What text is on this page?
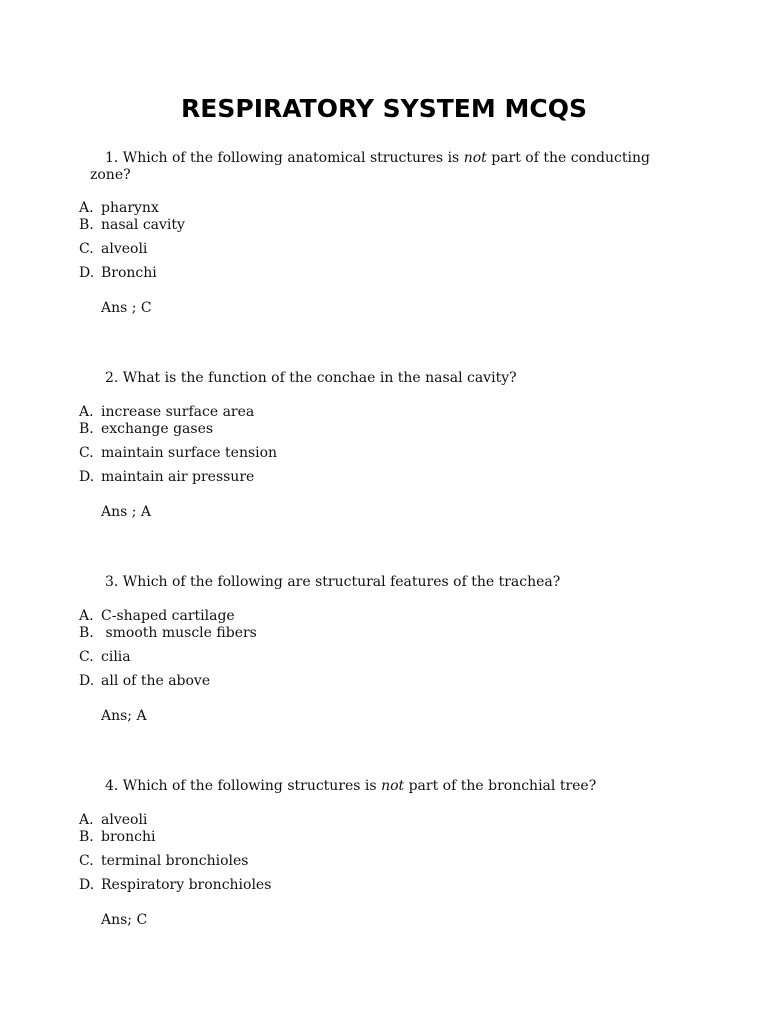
RESPIRATORY SYSTEM MCQS
1. Which of the following anatomical structures is not part of the conducting zone?
A. pharynx
B. nasal cavity
C. alveoli
D. Bronchi
Ans ; C
2. What is the function of the conchae in the nasal cavity?
A. increase surface area
B. exchange gases
C. maintain surface tension
D. maintain air pressure
Ans ; A
3. Which of the following are structural features of the trachea?
A. C-shaped cartilage
B. smooth muscle fibers
C. cilia
D. all of the above
Ans; A
4. Which of the following structures is not part of the bronchial tree?
A. alveoli
B. bronchi
C. terminal bronchioles
D. Respiratory bronchioles
Ans; C
